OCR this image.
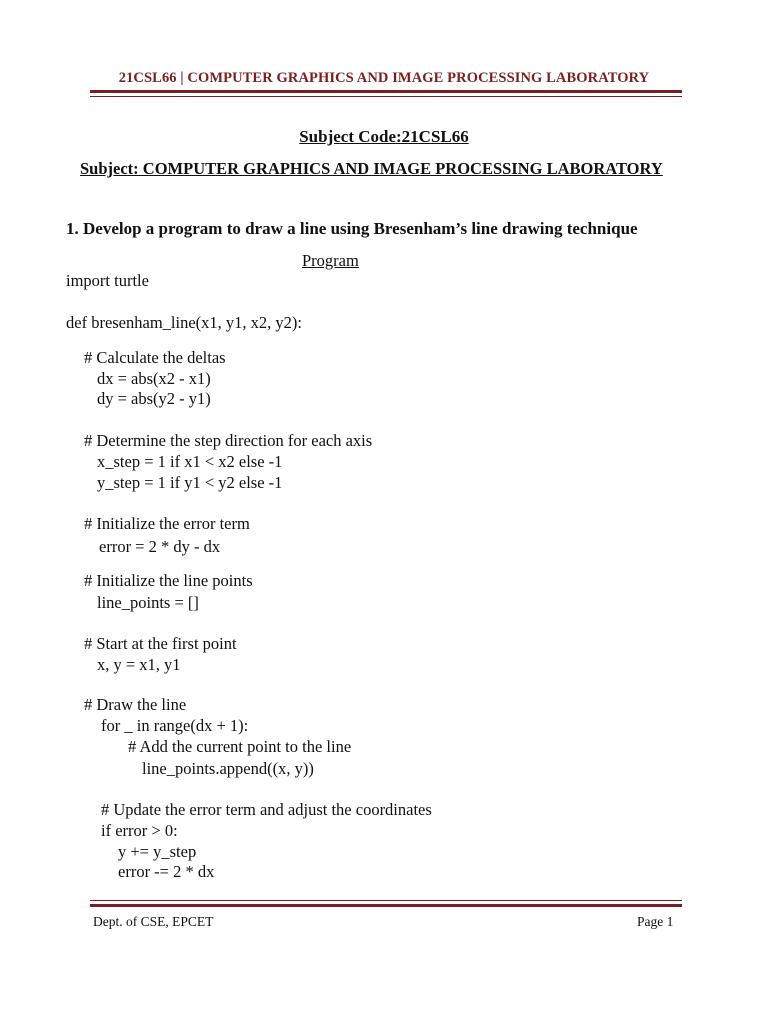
21CSL66 | COMPUTER GRAPHICS AND IMAGE PROCESSING LABORATORY
Subject Code:21CSL66
Subject: COMPUTER GRAPHICS AND IMAGE PROCESSING LABORATORY
1. Develop a program to draw a line using Bresenham’s line drawing technique
Program
import turtle
def bresenham_line(x1, y1, x2, y2):
# Calculate the deltas
dx = abs(x2 - x1)
dy = abs(y2 - y1)
# Determine the step direction for each axis
x_step = 1 if x1 < x2 else -1
y_step = 1 if y1 < y2 else -1
# Initialize the error term
error = 2 * dy - dx
# Initialize the line points
line_points = []
# Start at the first point
x, y = x1, y1
# Draw the line
for _ in range(dx + 1):
# Add the current point to the line
line_points.append((x, y))
# Update the error term and adjust the coordinates
if error > 0:
y += y_step
error -= 2 * dx
Dept. of CSE, EPCET	Page 1
